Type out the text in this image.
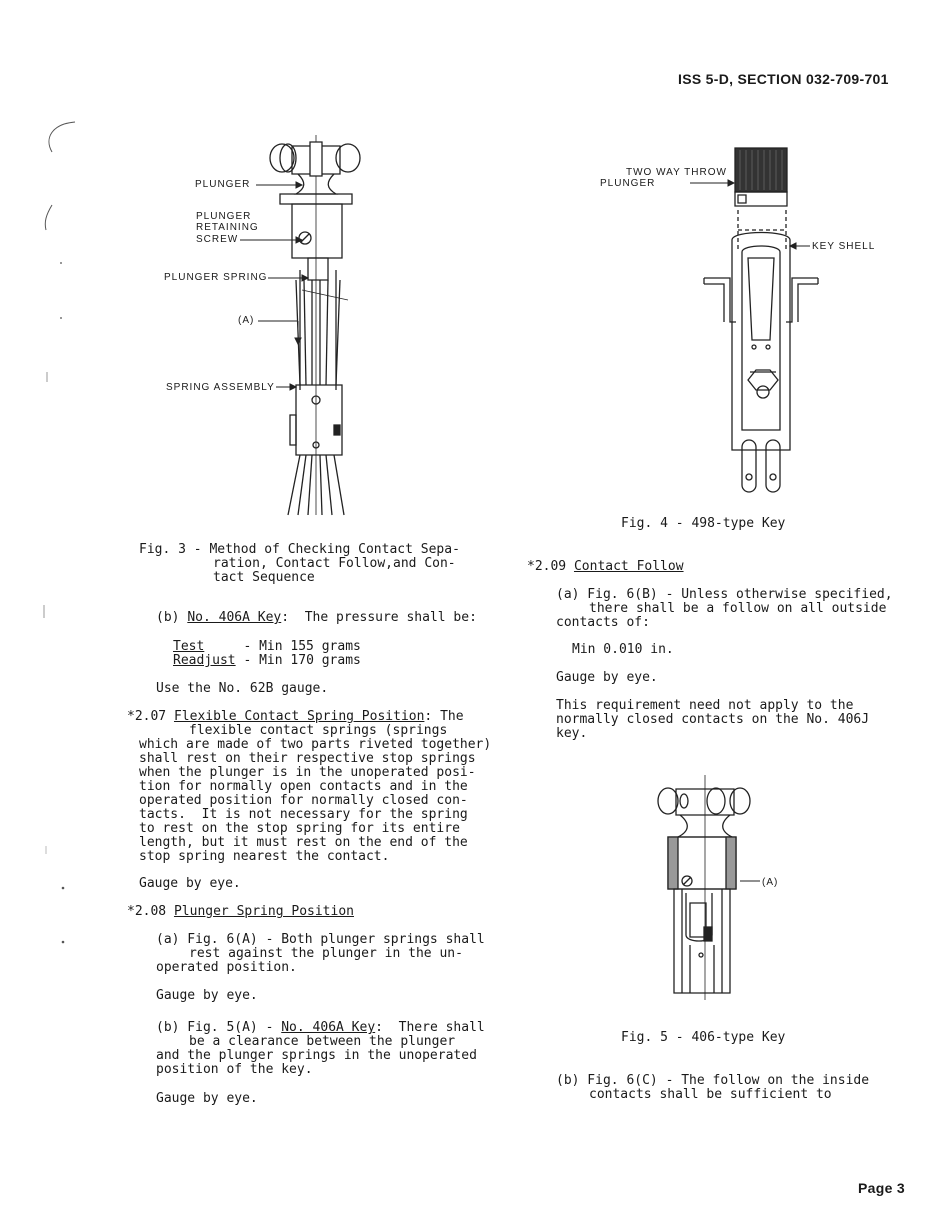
ISS 5-D, SECTION 032-709-701
PLUNGER
PLUNGER
RETAINING
SCREW
PLUNGER SPRING
(A)
SPRING ASSEMBLY
Fig. 3 - Method of Checking Contact Sepa-
ration, Contact Follow,and Con-
tact Sequence
TWO WAY THROW
PLUNGER
KEY SHELL
Fig. 4 - 498-type Key
(b) No. 406A Key:  The pressure shall be:
Test     - Min 155 grams
Readjust - Min 170 grams
Use the No. 62B gauge.
*2.07 Flexible Contact Spring Position: The
flexible contact springs (springs
which are made of two parts riveted together)
shall rest on their respective stop springs
when the plunger is in the unoperated posi-
tion for normally open contacts and in the
operated position for normally closed con-
tacts.  It is not necessary for the spring
to rest on the stop spring for its entire
length, but it must rest on the end of the
stop spring nearest the contact.
Gauge by eye.
*2.08 Plunger Spring Position
(a) Fig. 6(A) - Both plunger springs shall
rest against the plunger in the un-
operated position.
Gauge by eye.
(b) Fig. 5(A) - No. 406A Key:  There shall
be a clearance between the plunger
and the plunger springs in the unoperated
position of the key.
Gauge by eye.
*2.09 Contact Follow
(a) Fig. 6(B) - Unless otherwise specified,
there shall be a follow on all outside
contacts of:
Min 0.010 in.
Gauge by eye.
This requirement need not apply to the
normally closed contacts on the No. 406J
key.
(A)
Fig. 5 - 406-type Key
(b) Fig. 6(C) - The follow on the inside
contacts shall be sufficient to
Page 3
